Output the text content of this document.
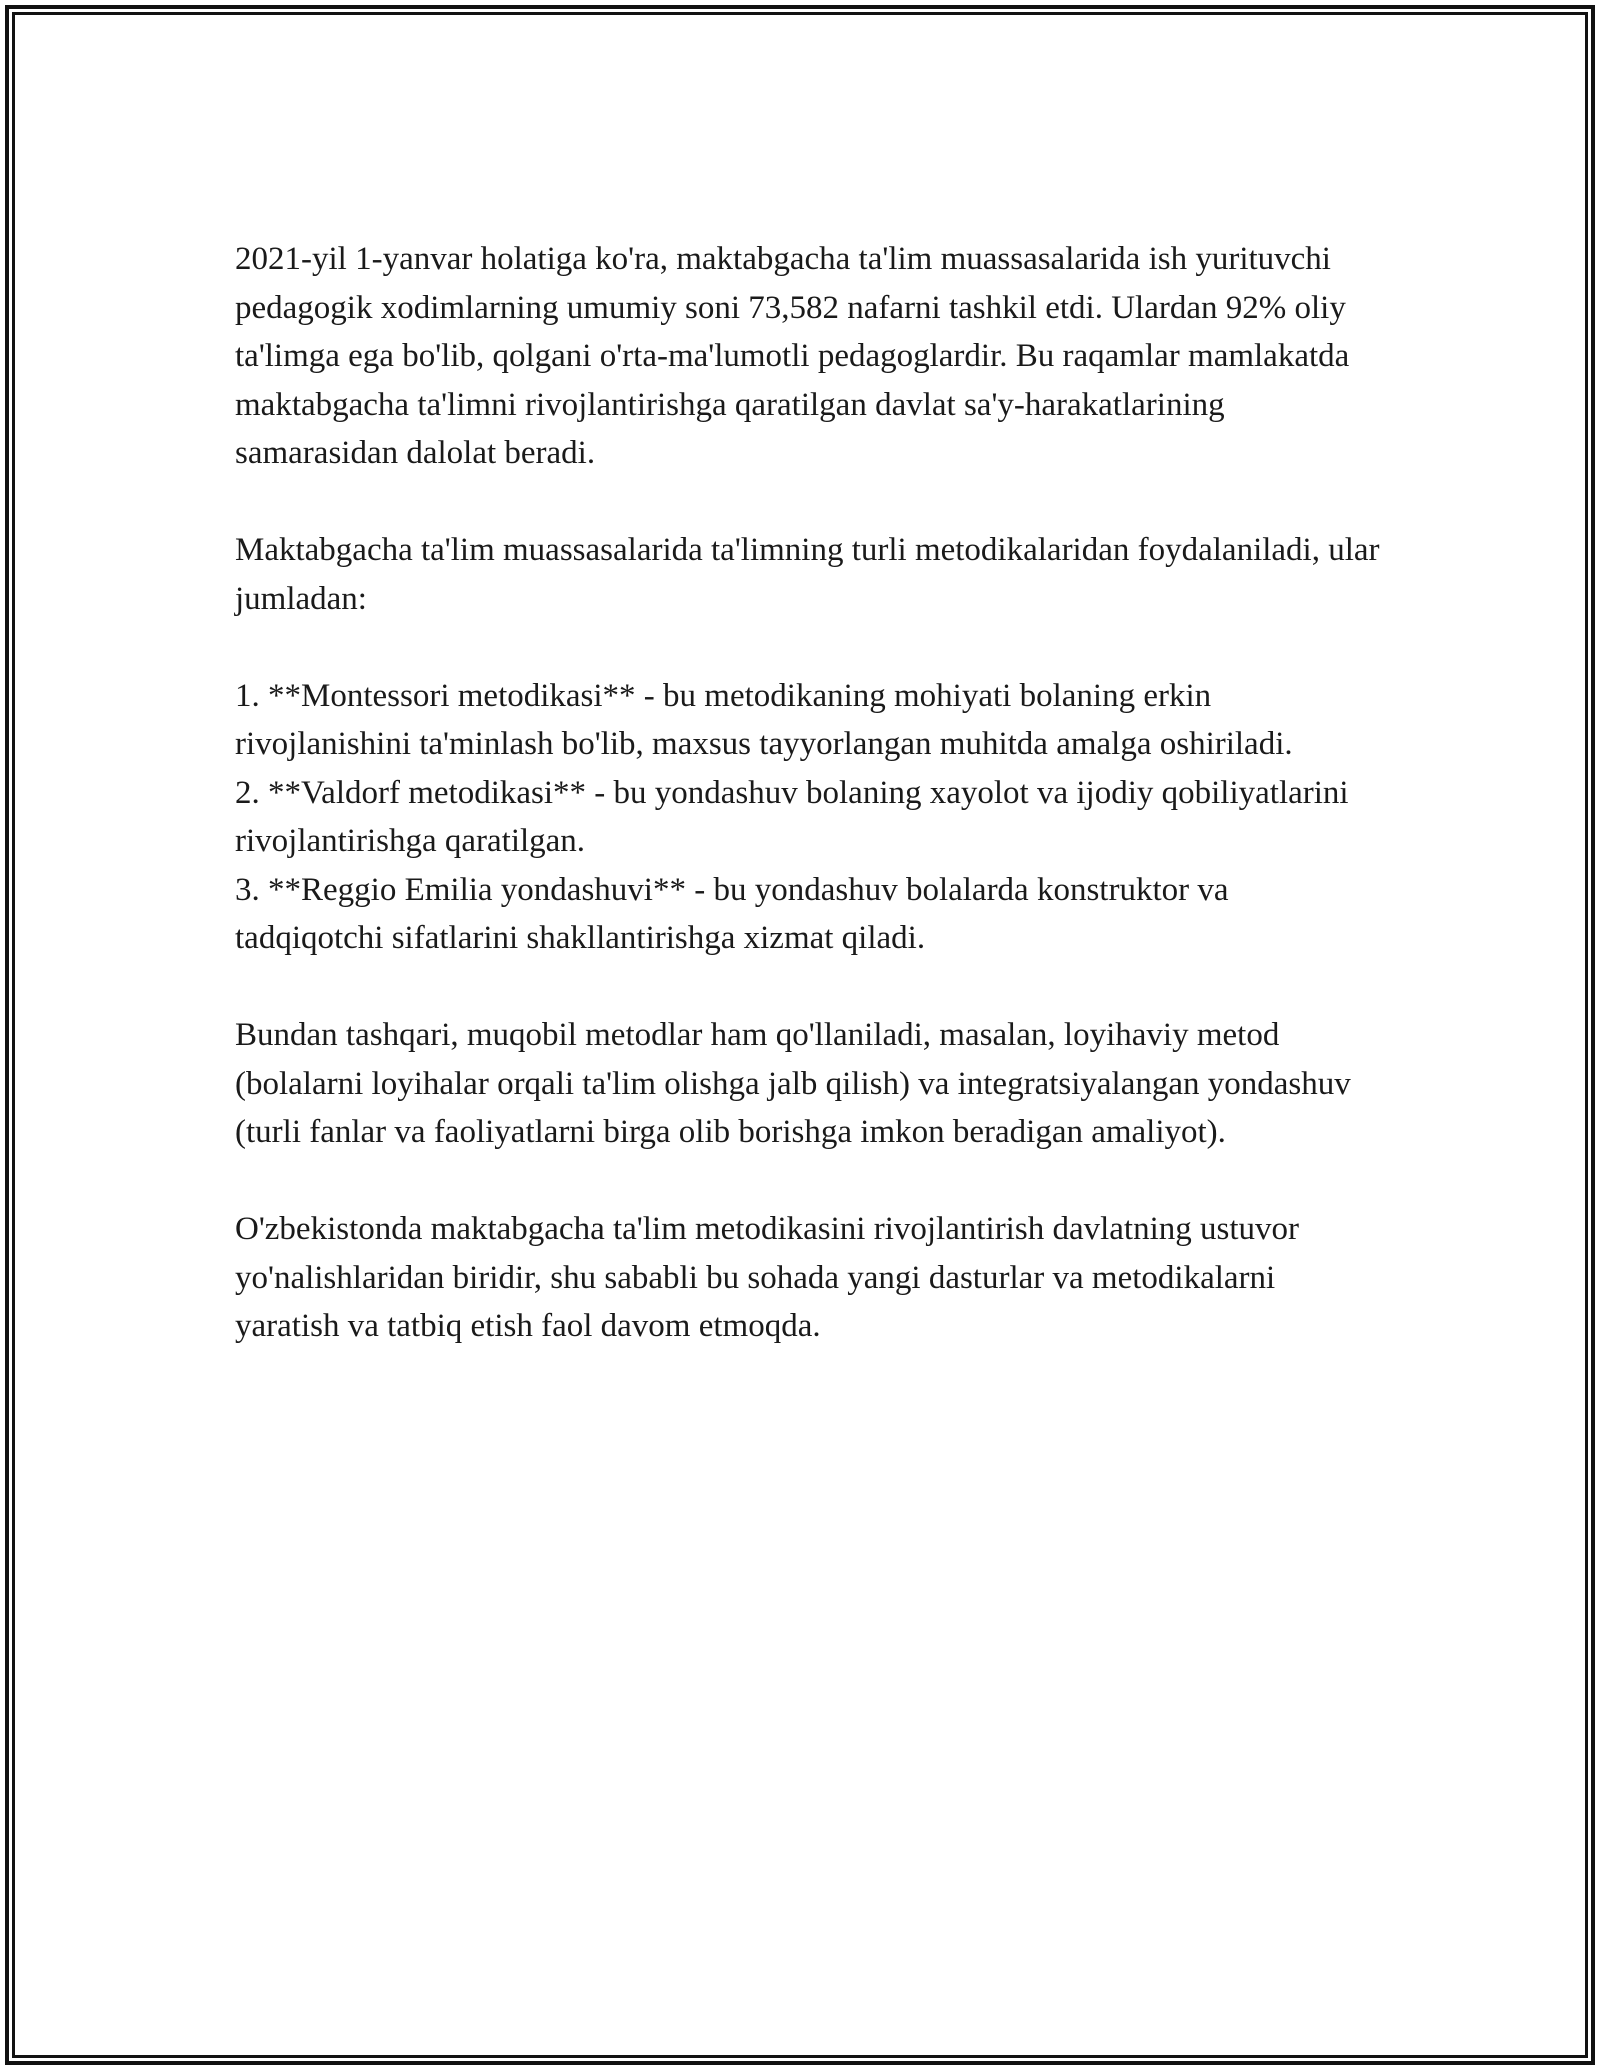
2021-yil 1-yanvar holatiga ko'ra, maktabgacha ta'lim muassasalarida ish yurituvchi pedagogik xodimlarning umumiy soni 73,582 nafarni tashkil etdi. Ulardan 92% oliy ta'limga ega bo'lib, qolgani o'rta-ma'lumotli pedagoglardir. Bu raqamlar mamlakatda maktabgacha ta'limni rivojlantirishga qaratilgan davlat sa'y-harakatlarining samarasidan dalolat beradi.

Maktabgacha ta'lim muassasalarida ta'limning turli metodikalaridan foydalaniladi, ular jumladan:

1. **Montessori metodikasi** - bu metodikaning mohiyati bolaning erkin rivojlanishini ta'minlash bo'lib, maxsus tayyorlangan muhitda amalga oshiriladi.

2. **Valdorf metodikasi** - bu yondashuv bolaning xayolot va ijodiy qobiliyatlarini rivojlantirishga qaratilgan.

3. **Reggio Emilia yondashuvi** - bu yondashuv bolalarda konstruktor va tadqiqotchi sifatlarini shakllantirishga xizmat qiladi.

Bundan tashqari, muqobil metodlar ham qo'llaniladi, masalan, loyihaviy metod (bolalarni loyihalar orqali ta'lim olishga jalb qilish) va integratsiyalangan yondashuv (turli fanlar va faoliyatlarni birga olib borishga imkon beradigan amaliyot).

O'zbekistonda maktabgacha ta'lim metodikasini rivojlantirish davlatning ustuvor yo'nalishlaridan biridir, shu sababli bu sohada yangi dasturlar va metodikalarni yaratish va tatbiq etish faol davom etmoqda.
